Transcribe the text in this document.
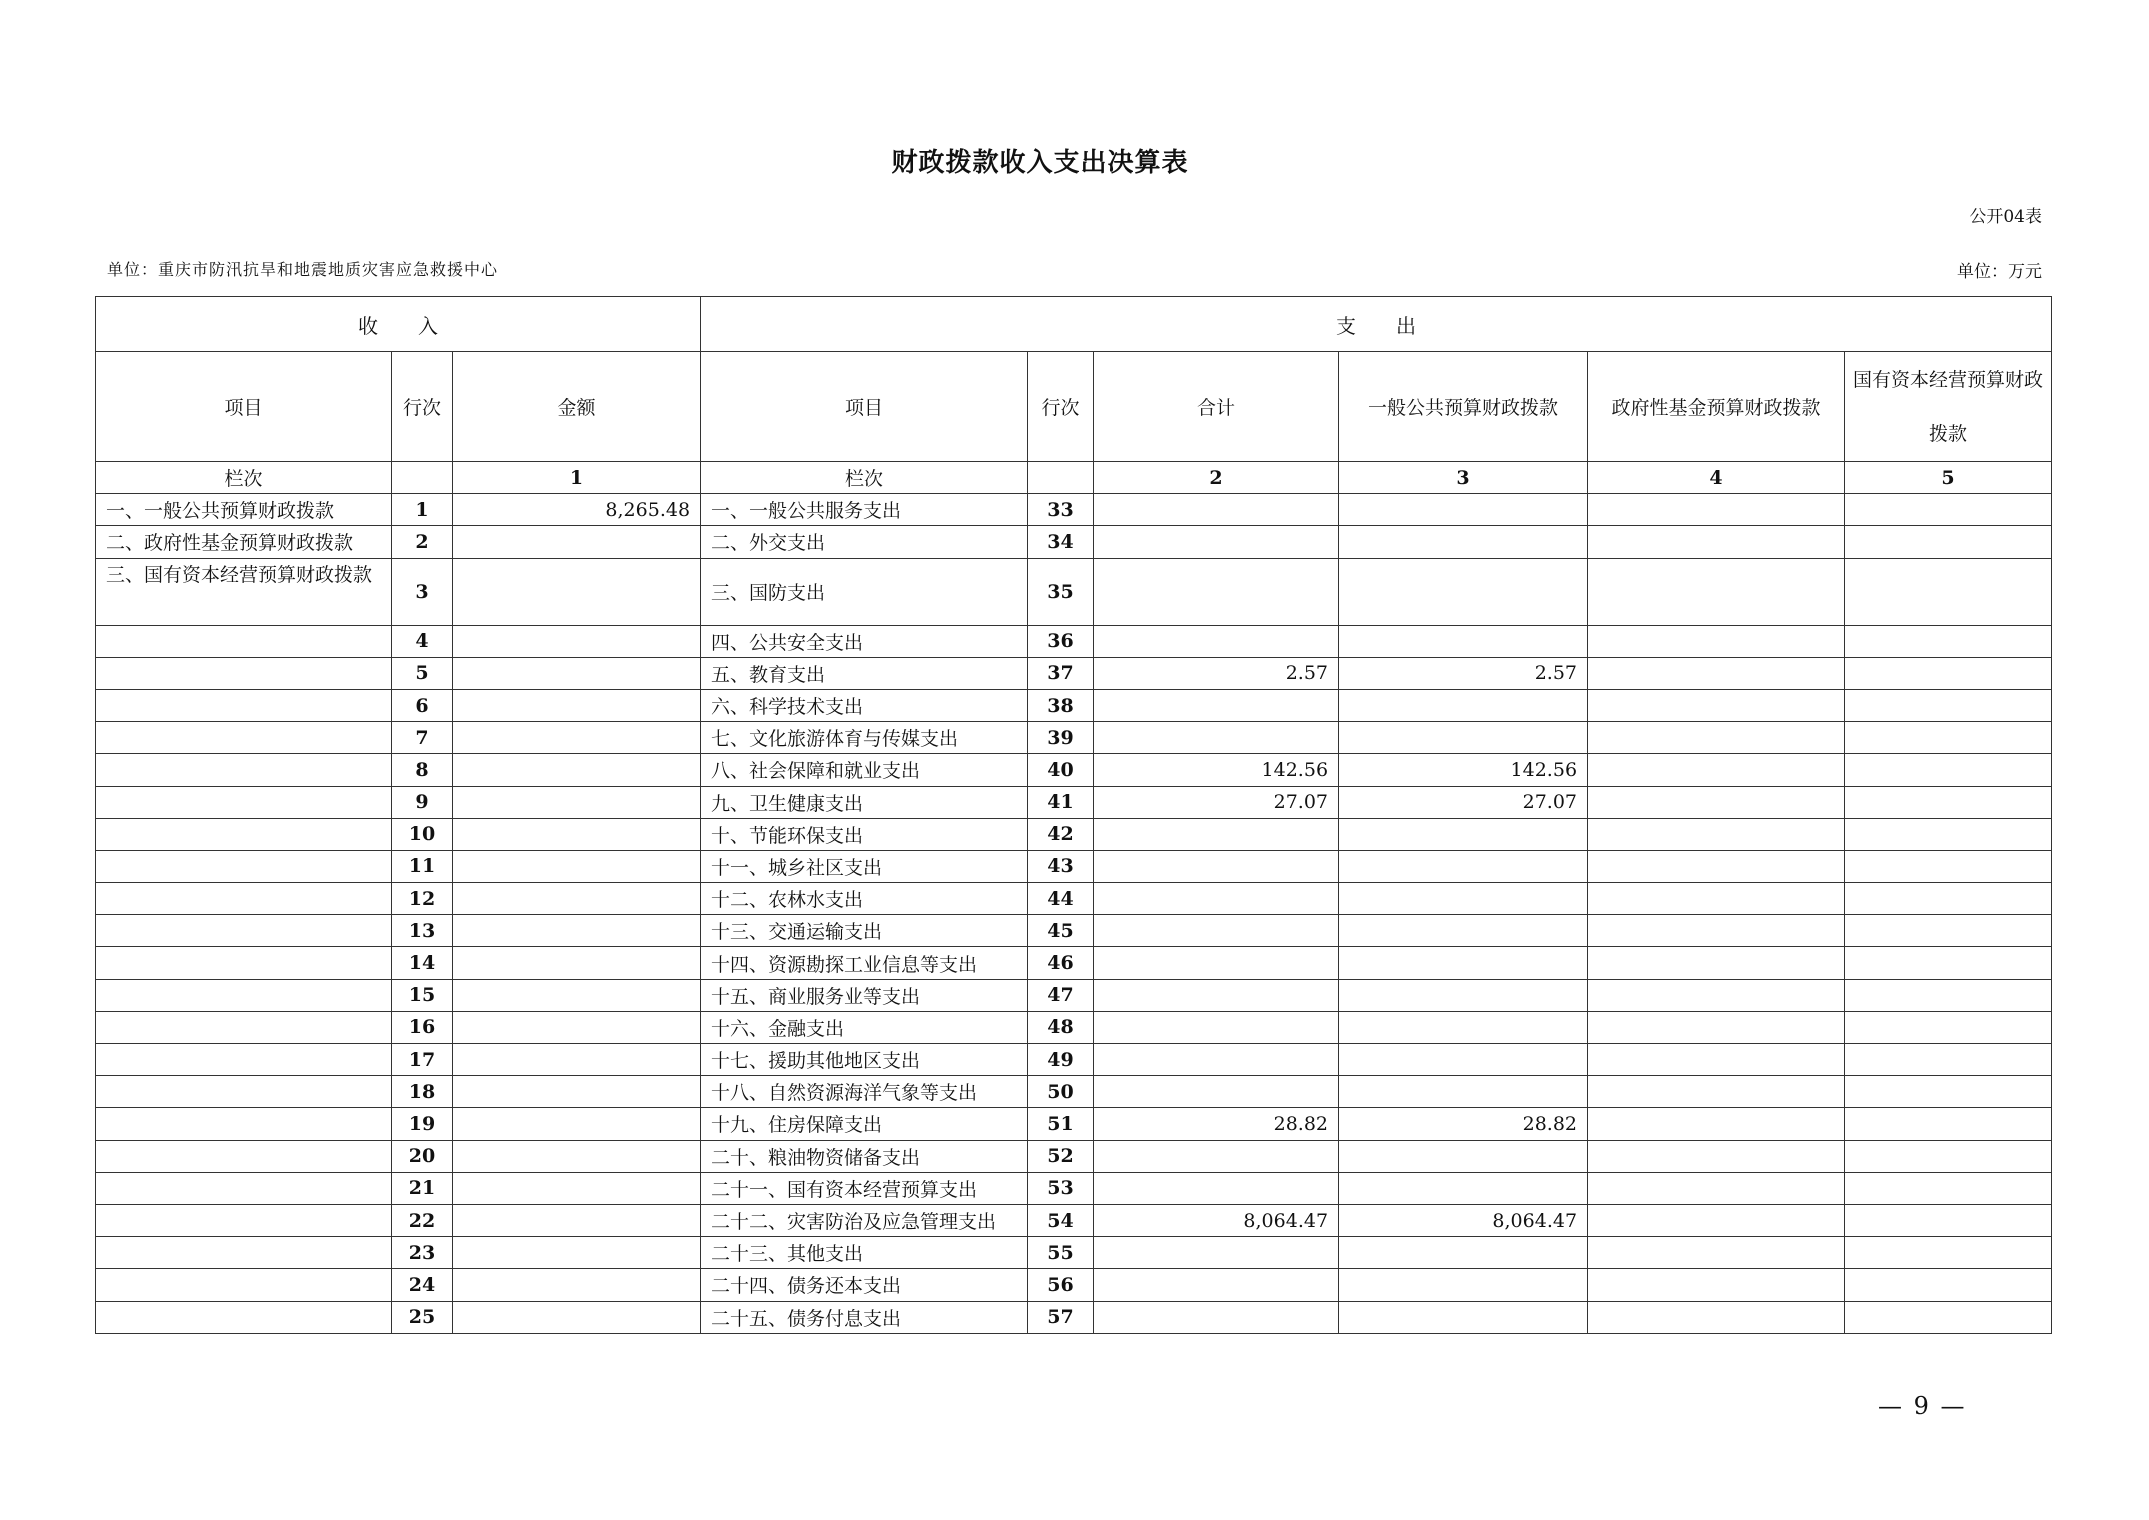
财政拨款收入支出决算表
公开04表
单位：重庆市防汛抗旱和地震地质灾害应急救援中心	单位：万元
收　　入			支　　出					
项目	行次	金额	项目	行次	合计	一般公共预算财政拨款	政府性基金预算财政拨款	国有资本经营预算财政拨款
栏次		1	栏次		2	3	4	5
一、一般公共预算财政拨款	1	8,265.48	一、一般公共服务支出	33				
二、政府性基金预算财政拨款	2		二、外交支出	34				
三、国有资本经营预算财政拨款	3		三、国防支出	35				
	4		四、公共安全支出	36				
	5		五、教育支出	37	2.57	2.57		
	6		六、科学技术支出	38				
	7		七、文化旅游体育与传媒支出	39				
	8		八、社会保障和就业支出	40	142.56	142.56		
	9		九、卫生健康支出	41	27.07	27.07		
	10		十、节能环保支出	42				
	11		十一、城乡社区支出	43				
	12		十二、农林水支出	44				
	13		十三、交通运输支出	45				
	14		十四、资源勘探工业信息等支出	46				
	15		十五、商业服务业等支出	47				
	16		十六、金融支出	48				
	17		十七、援助其他地区支出	49				
	18		十八、自然资源海洋气象等支出	50				
	19		十九、住房保障支出	51	28.82	28.82		
	20		二十、粮油物资储备支出	52				
	21		二十一、国有资本经营预算支出	53				
	22		二十二、灾害防治及应急管理支出	54	8,064.47	8,064.47		
	23		二十三、其他支出	55				
	24		二十四、债务还本支出	56				
	25		二十五、债务付息支出	57				
— 9 —
